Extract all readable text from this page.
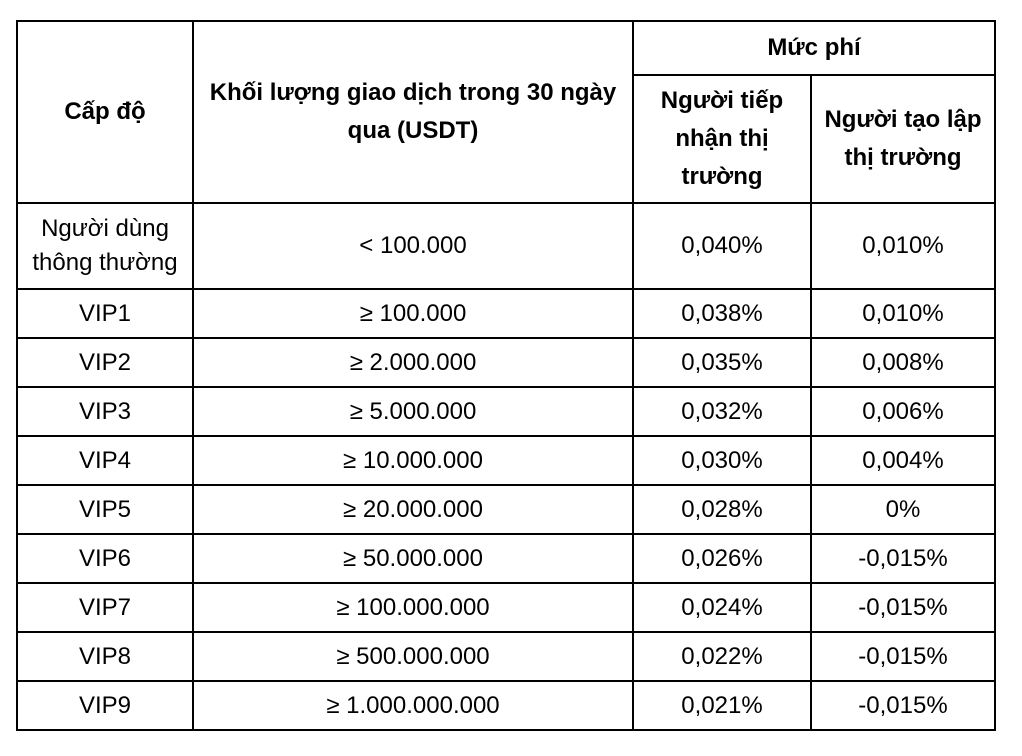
Cấp độ	Khối lượng giao dịch trong 30 ngày qua (USDT)	Mức phí	
		Người tiếp nhận thị trường	Người tạo lập thị trường
Người dùng thông thường	< 100.000	0,040%	0,010%
VIP1	≥ 100.000	0,038%	0,010%
VIP2	≥ 2.000.000	0,035%	0,008%
VIP3	≥ 5.000.000	0,032%	0,006%
VIP4	≥ 10.000.000	0,030%	0,004%
VIP5	≥ 20.000.000	0,028%	0%
VIP6	≥ 50.000.000	0,026%	-0,015%
VIP7	≥ 100.000.000	0,024%	-0,015%
VIP8	≥ 500.000.000	0,022%	-0,015%
VIP9	≥ 1.000.000.000	0,021%	-0,015%
